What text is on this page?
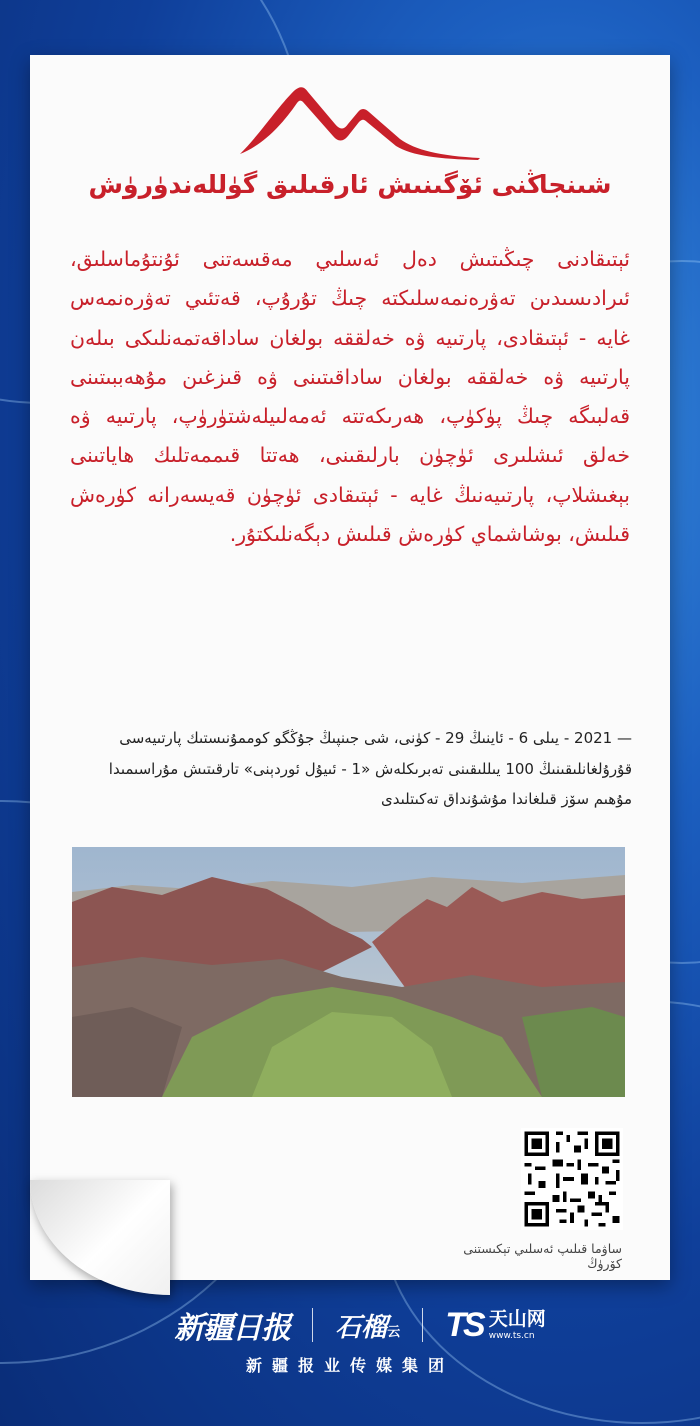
شىنجاڭنى ئۆگىنىش ئارقىلىق گۈللەندۈرۈش
ئېتىقادنى چىڭىتىش دەل ئەسلىي مەقسەتنى ئۇنتۇماسلىق، ئىرادىسىدىن تەۋرەنمەسلىكتە چىڭ تۇرۇپ، قەتئىي تەۋرەنمەس غايە - ئېتىقادى، پارتىيە ۋە خەلققە بولغان ساداقەتمەنلىكى بىلەن پارتىيە ۋە خەلققە بولغان ساداقىتىنى ۋە قىزغىن مۇھەببىتىنى قەلبىگە چىڭ پۈكۈپ، ھەرىكەتتە ئەمەلىيلەشتۈرۈپ، پارتىيە ۋە خەلق ئىشلىرى ئۈچۈن بارلىقىنى، ھەتتا قىممەتلىك ھاياتىنى بېغىشلاپ، پارتىيەنىڭ غايە - ئېتىقادى ئۈچۈن قەيسەرانە كۈرەش قىلىش، بوشاشماي كۈرەش قىلىش دېگەنلىكتۇر.
— 2021 - يىلى 6 - ئاينىڭ 29 - كۈنى، شى جىنپىڭ جۇڭگو كوممۇنىستىك پارتىيەسى قۇرۇلغانلىقىنىڭ 100 يىللىقىنى تەبرىكلەش «1 - ئىيۇل ئوردېنى» تارقىتىش مۇراسىمىدا مۇھىم سۆز قىلغاندا مۇشۇنداق تەكىتلىدى
ساۋما قىلىپ ئەسلىي تېكىستنى كۆرۈڭ
新疆日报 石榴 云 TS 天山网
www.ts.cn
新疆报业传媒集团
